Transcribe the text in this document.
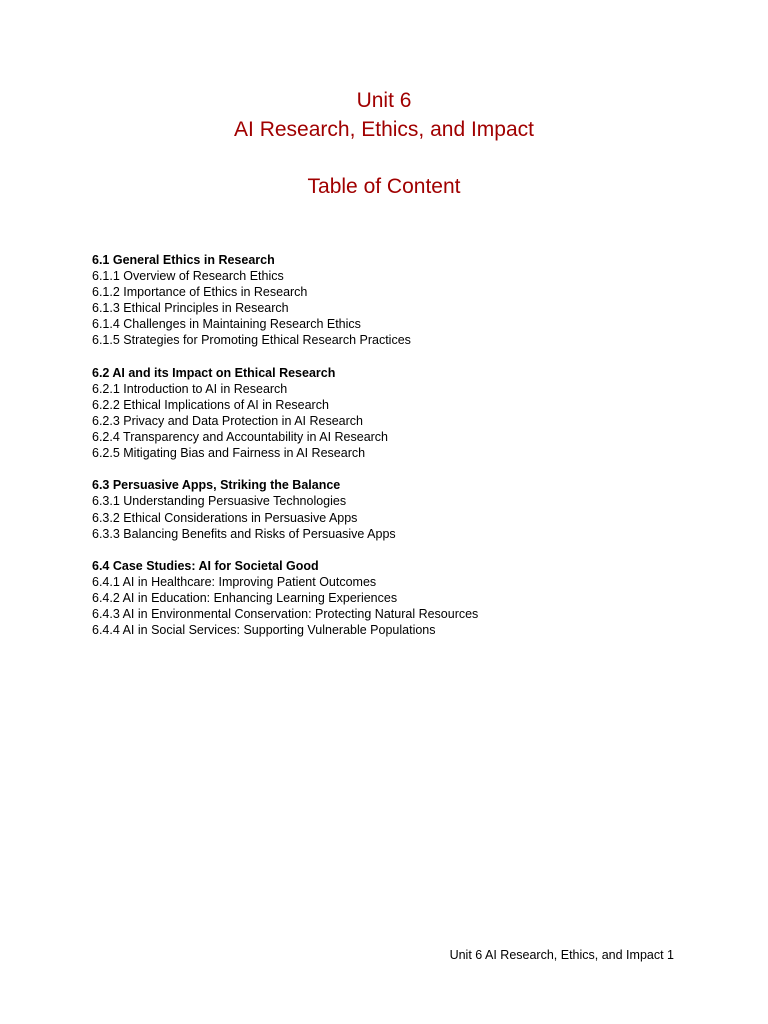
Unit 6
AI Research, Ethics, and Impact
Table of Content
6.1 General Ethics in Research
6.1.1 Overview of Research Ethics
6.1.2 Importance of Ethics in Research
6.1.3 Ethical Principles in Research
6.1.4 Challenges in Maintaining Research Ethics
6.1.5 Strategies for Promoting Ethical Research Practices
6.2 AI and its Impact on Ethical Research
6.2.1 Introduction to AI in Research
6.2.2 Ethical Implications of AI in Research
6.2.3 Privacy and Data Protection in AI Research
6.2.4 Transparency and Accountability in AI Research
6.2.5 Mitigating Bias and Fairness in AI Research
6.3 Persuasive Apps, Striking the Balance
6.3.1 Understanding Persuasive Technologies
6.3.2 Ethical Considerations in Persuasive Apps
6.3.3 Balancing Benefits and Risks of Persuasive Apps
6.4 Case Studies: AI for Societal Good
6.4.1 AI in Healthcare: Improving Patient Outcomes
6.4.2 AI in Education: Enhancing Learning Experiences
6.4.3 AI in Environmental Conservation: Protecting Natural Resources
6.4.4 AI in Social Services: Supporting Vulnerable Populations
Unit 6 AI Research, Ethics, and Impact 1
